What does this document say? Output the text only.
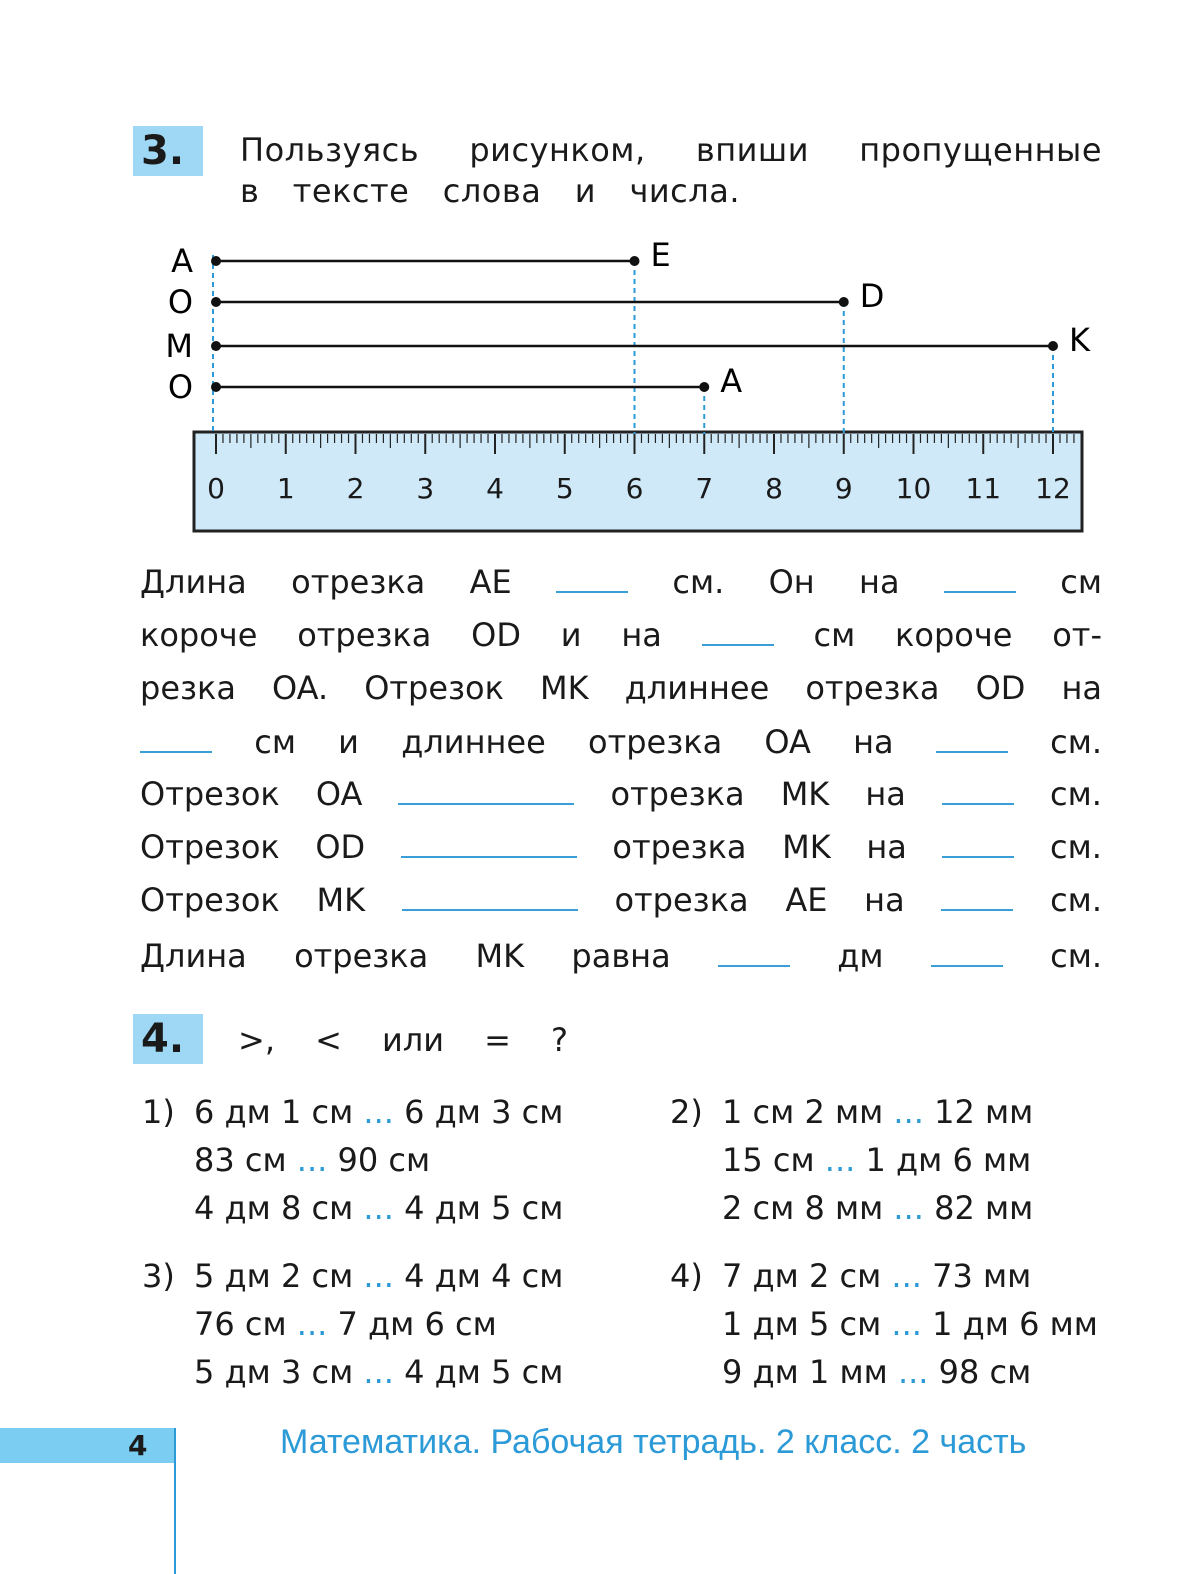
3.	Пользуясь рисунком, впиши пропущенные
в тексте слова и числа.
0 1 2 3 4 5 6 7 8 9 10 11 12
A	E
O	D
M	K
O	A
Длина отрезка AE	см. Он на	см
короче отрезка OD и на	см короче от-
резка OA. Отрезок MK длиннее отрезка OD на
см и длиннее отрезка OA на	см.
Отрезок OA	отрезка MK на	см.
Отрезок OD	отрезка MK на	см.
Отрезок MK	отрезка AE на	см.
Длина отрезка MK равна	дм	см.
4.	>, < или = ?
1) 6 дм 1 см ... 6 дм 3 см
83 см ... 90 см
4 дм 8 см ... 4 дм 5 см
2) 1 см 2 мм ... 12 мм
15 см ... 1 дм 6 мм
2 см 8 мм ... 82 мм
3) 5 дм 2 см ... 4 дм 4 см
76 см ... 7 дм 6 см
5 дм 3 см ... 4 дм 5 см
4) 7 дм 2 см ... 73 мм
1 дм 5 см ... 1 дм 6 мм
9 дм 1 мм ... 98 см
4	Математика. Рабочая тетрадь. 2 класс. 2 часть
